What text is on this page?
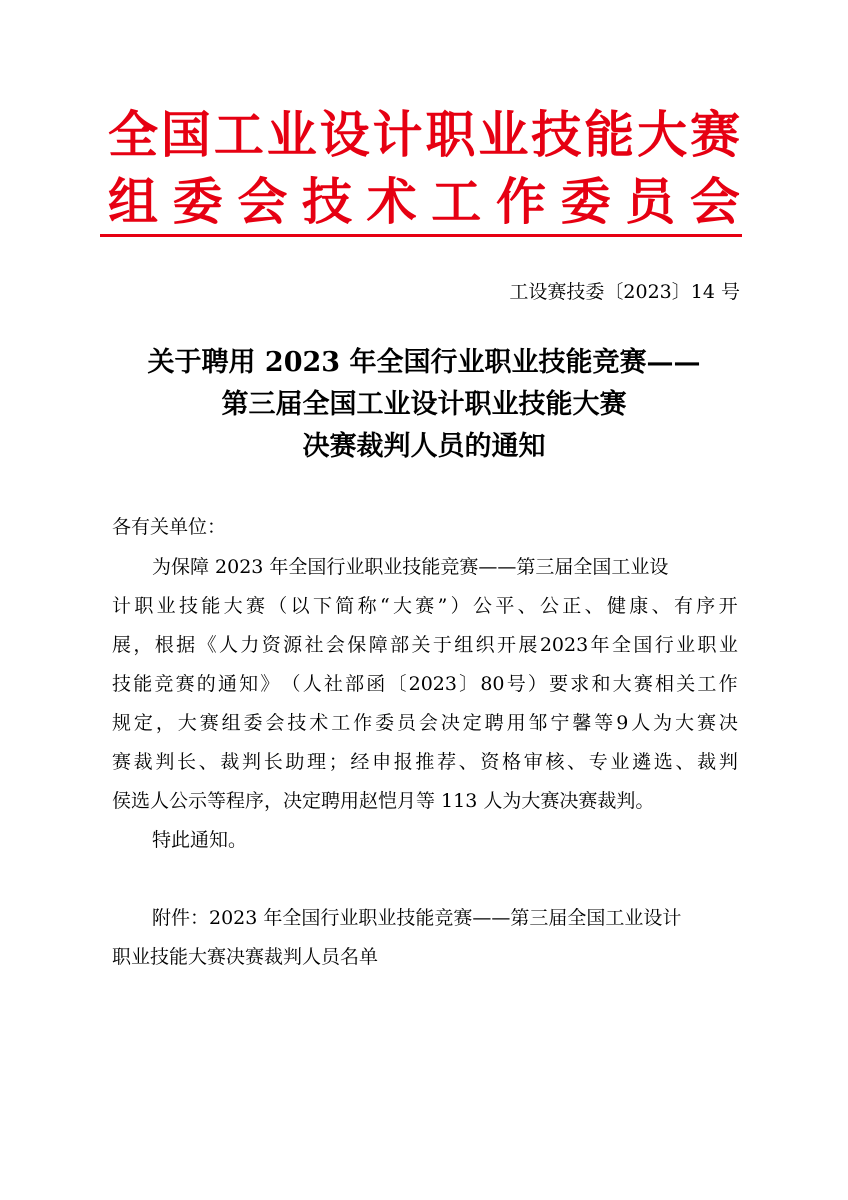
全 国 工 业 设 计 职 业 技 能 大 赛
组 委 会 技 术 工 作 委 员 会
工设赛技委〔2023〕14 号
关于聘用 2023 年全国行业职业技能竞赛——
第三届全国工业设计职业技能大赛
决赛裁判人员的通知
各有关单位：
为保障 2023 年全国行业职业技能竞赛——第三届全国工业设
计 职 业 技 能 大 赛 （ 以 下 简 称 “ 大 赛 ” ） 公 平 、 公 正 、 健 康 、 有 序 开
展 ， 根 据 《 人 力 资 源 社 会 保 障 部 关 于 组 织 开 展 2023 年 全 国 行 业 职 业
技 能 竞 赛 的 通 知 》 （ 人 社 部 函 〔 2023 〕 80 号 ） 要 求 和 大 赛 相 关 工 作
规 定 ， 大 赛 组 委 会 技 术 工 作 委 员 会 决 定 聘 用 邹 宁 馨 等 9 人 为 大 赛 决
赛 裁 判 长 、 裁 判 长 助 理 ； 经 申 报 推 荐 、 资 格 审 核 、 专 业 遴 选 、 裁 判
侯选人公示等程序，决定聘用赵恺月等 113 人为大赛决赛裁判。
特此通知。
附件：2023 年全国行业职业技能竞赛——第三届全国工业设计
职业技能大赛决赛裁判人员名单
